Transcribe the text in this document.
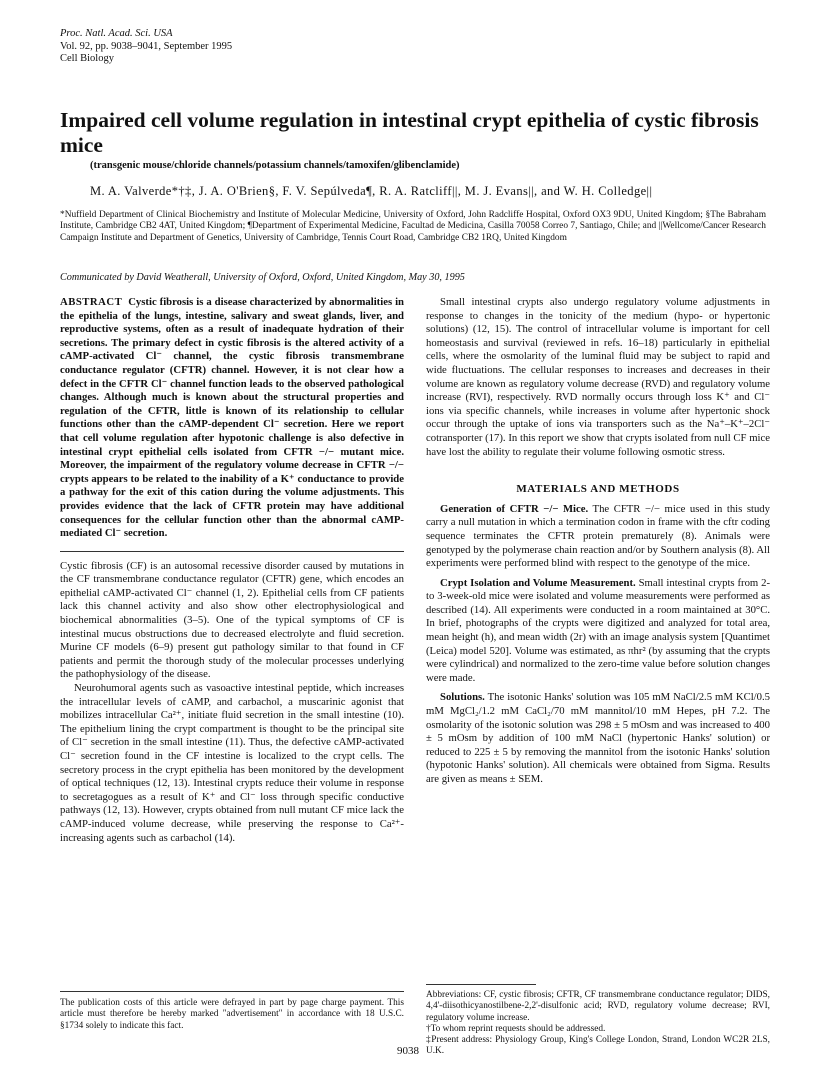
Proc. Natl. Acad. Sci. USA
Vol. 92, pp. 9038–9041, September 1995
Cell Biology
Impaired cell volume regulation in intestinal crypt epithelia of cystic fibrosis mice
(transgenic mouse/chloride channels/potassium channels/tamoxifen/glibenclamide)
M. A. Valverde*†‡, J. A. O'Brien§, F. V. Sepúlveda¶, R. A. Ratcliff||, M. J. Evans||, and W. H. Colledge||
*Nuffield Department of Clinical Biochemistry and Institute of Molecular Medicine, University of Oxford, John Radcliffe Hospital, Oxford OX3 9DU, United Kingdom; §The Babraham Institute, Cambridge CB2 4AT, United Kingdom; ¶Department of Experimental Medicine, Facultad de Medicina, Casilla 70058 Correo 7, Santiago, Chile; and ||Wellcome/Cancer Research Campaign Institute and Department of Genetics, University of Cambridge, Tennis Court Road, Cambridge CB2 1RQ, United Kingdom
Communicated by David Weatherall, University of Oxford, Oxford, United Kingdom, May 30, 1995

ABSTRACT Cystic fibrosis is a disease characterized by abnormalities in the epithelia of the lungs, intestine, salivary and sweat glands, liver, and reproductive systems, often as a result of inadequate hydration of their secretions. The primary defect in cystic fibrosis is the altered activity of a cAMP-activated Cl⁻ channel, the cystic fibrosis transmembrane conductance regulator (CFTR) channel. However, it is not clear how a defect in the CFTR Cl⁻ channel function leads to the observed pathological changes. Although much is known about the structural properties and regulation of the CFTR, little is known of its relationship to cellular functions other than the cAMP-dependent Cl⁻ secretion. Here we report that cell volume regulation after hypotonic challenge is also defective in intestinal crypt epithelial cells isolated from CFTR −/− mutant mice. Moreover, the impairment of the regulatory volume decrease in CFTR −/− crypts appears to be related to the inability of a K⁺ conductance to provide a pathway for the exit of this cation during the volume adjustments. This provides evidence that the lack of CFTR protein may have additional consequences for the cellular function other than the abnormal cAMP-mediated Cl⁻ secretion.

Cystic fibrosis (CF) is an autosomal recessive disorder caused by mutations in the CF transmembrane conductance regulator (CFTR) gene, which encodes an epithelial cAMP-activated Cl⁻ channel (1, 2). Epithelial cells from CF patients lack this channel activity and also show other electrophysiological and biochemical abnormalities (3–5). One of the typical symptoms of CF is intestinal mucus obstructions due to decreased electrolyte and fluid secretion. Murine CF models (6–9) present gut pathology similar to that found in CF patients and permit the thorough study of the molecular processes underlying the pathophysiology of the disease.

Neurohumoral agents such as vasoactive intestinal peptide, which increases the intracellular levels of cAMP, and carbachol, a muscarinic agonist that mobilizes intracellular Ca²⁺, initiate fluid secretion in the small intestine (10). The epithelium lining the crypt compartment is thought to be the principal site of Cl⁻ secretion in the small intestine (11). Thus, the defective cAMP-activated Cl⁻ secretion found in the CF intestine is localized to the crypt cells. The secretory process in the crypt epithelia has been monitored by the development of optical techniques (12, 13). Intestinal crypts reduce their volume in response to secretagogues as a result of K⁺ and Cl⁻ loss through specific conductive pathways (12, 13). However, crypts obtained from null mutant CF mice lack the cAMP-induced volume decrease, while preserving the response to Ca²⁺-increasing agents such as carbachol (14).

Small intestinal crypts also undergo regulatory volume adjustments in response to changes in the tonicity of the medium (hypo- or hypertonic solutions) (12, 15). The control of intracellular volume is important for cell homeostasis and survival (reviewed in refs. 16–18) particularly in epithelial cells, where the osmolarity of the luminal fluid may be subject to rapid and wide fluctuations. The cellular responses to increases and decreases in their volume are known as regulatory volume decrease (RVD) and regulatory volume increase (RVI), respectively. RVD normally occurs through loss K⁺ and Cl⁻ ions via specific channels, while increases in volume after hypertonic shock occur through the uptake of ions via transporters such as the Na⁺–K⁺–2Cl⁻ cotransporter (17). In this report we show that crypts isolated from null CF mice have lost the ability to regulate their volume following osmotic stress.

MATERIALS AND METHODS

Generation of CFTR −/− Mice. The CFTR −/− mice used in this study carry a null mutation in which a termination codon in frame with the cftr coding sequence terminates the CFTR protein prematurely (8). Animals were genotyped by the polymerase chain reaction and/or by Southern analysis (8). All experiments were performed blind with respect to the genotype of the mice.

Crypt Isolation and Volume Measurement. Small intestinal crypts from 2- to 3-week-old mice were isolated and volume measurements were performed as described (14). All experiments were conducted in a room maintained at 30°C. In brief, photographs of the crypts were digitized and analyzed for total area, mean height (h), and mean width (2r) with an image analysis system [Quantimet (Leica) model 520]. Volume was estimated, as πhr² (by assuming that the crypts were cylindrical) and normalized to the zero-time value before solution changes were made.

Solutions. The isotonic Hanks' solution was 105 mM NaCl/2.5 mM KCl/0.5 mM MgCl₂/1.2 mM CaCl₂/70 mM mannitol/10 mM Hepes, pH 7.2. The osmolarity of the isotonic solution was 298 ± 5 mOsm and was increased to 400 ± 5 mOsm by addition of 100 mM NaCl (hypertonic Hanks' solution) or reduced to 225 ± 5 by removing the mannitol from the isotonic Hanks' solution (hypotonic Hanks' solution). All chemicals were obtained from Sigma. Results are given as means ± SEM.

The publication costs of this article were defrayed in part by page charge payment. This article must therefore be hereby marked "advertisement" in accordance with 18 U.S.C. §1734 solely to indicate this fact.
Abbreviations: CF, cystic fibrosis; CFTR, CF transmembrane conductance regulator; DIDS, 4,4'-diisothicyanostilbene-2,2'-disulfonic acid; RVD, regulatory volume decrease; RVI, regulatory volume increase.
†To whom reprint requests should be addressed.
‡Present address: Physiology Group, King's College London, Strand, London WC2R 2LS, U.K.
9038
